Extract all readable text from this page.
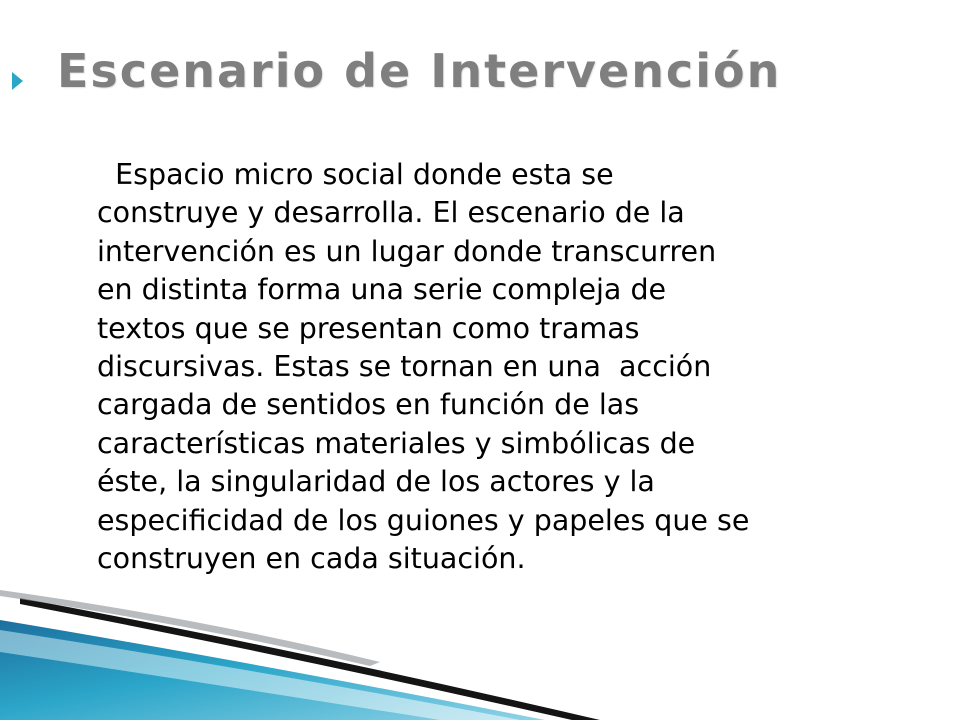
Escenario de Intervención

Espacio micro social donde esta se
construye y desarrolla. El escenario de la
intervención es un lugar donde transcurren
en distinta forma una serie compleja de
textos que se presentan como tramas
discursivas. Estas se tornan en una  acción
cargada de sentidos en función de las
características materiales y simbólicas de
éste, la singularidad de los actores y la
especificidad de los guiones y papeles que se
construyen en cada situación.
